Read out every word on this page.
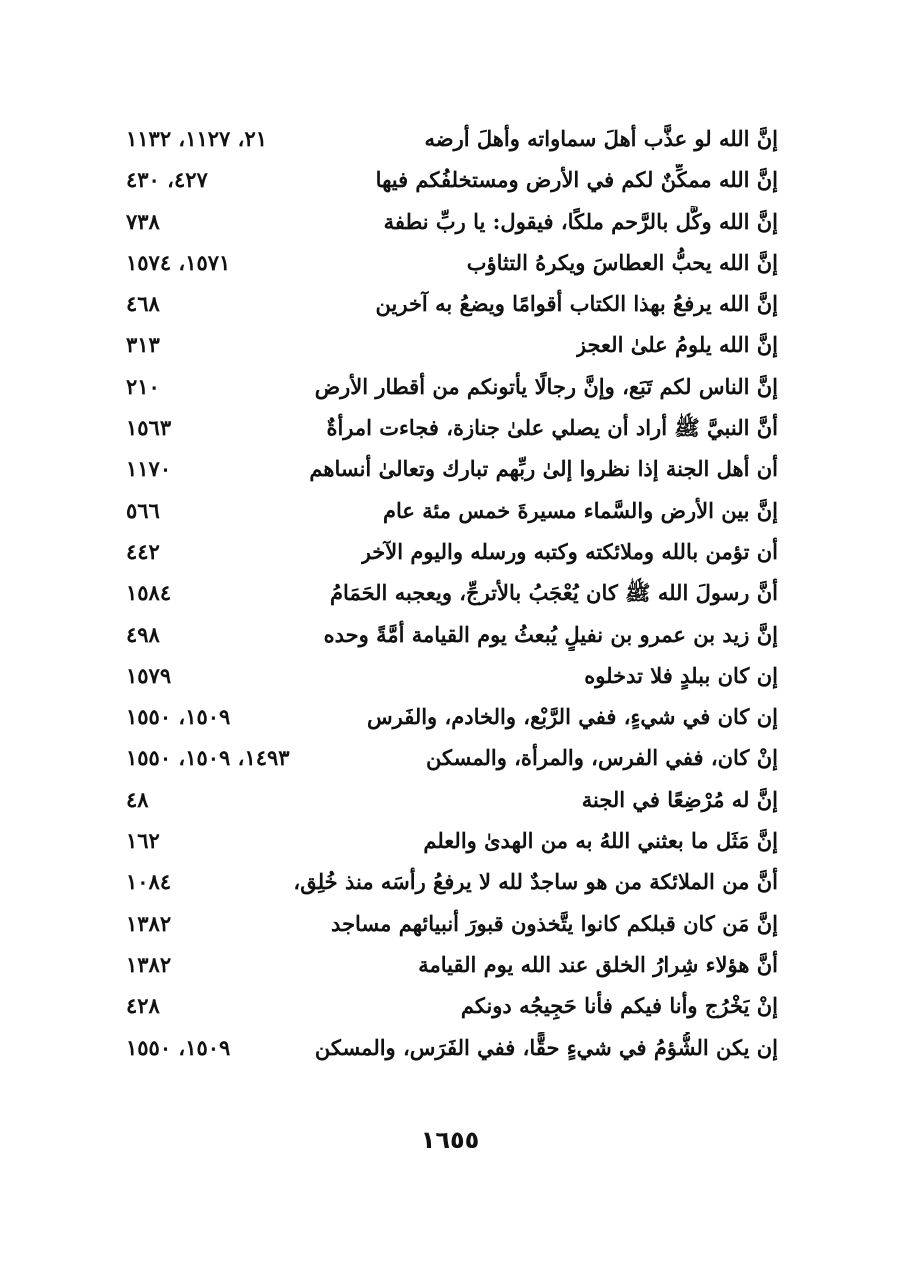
إنَّ الله لو عذَّب أهلَ سماواته وأهلَ أرضه
٢١، ١١٢٧، ١١٣٢
إنَّ الله ممكِّنٌ لكم في الأرض ومستخلفُكم فيها
٤٢٧، ٤٣٠
إنَّ الله وكَّل بالرَّحم ملكًا، فيقول: يا ربِّ نطفة
٧٣٨
إنَّ الله يحبُّ العطاسَ ويكرهُ التثاؤب
١٥٧١، ١٥٧٤
إنَّ الله يرفعُ بهذا الكتاب أقوامًا ويضعُ به آخرين
٤٦٨
إنَّ الله يلومُ علىٰ العجز
٣١٣
إنَّ الناس لكم تَبَع، وإنَّ رجالًا يأتونكم من أقطار الأرض
٢١٠
أنَّ النبيَّ ﷺ أراد أن يصلي علىٰ جنازة، فجاءت امرأةٌ
١٥٦٣
أن أهل الجنة إذا نظروا إلىٰ ربِّهم تبارك وتعالىٰ أنساهم
١١٧٠
إنَّ بين الأرض والسَّماء مسيرةَ خمس مئة عام
٥٦٦
أن تؤمن بالله وملائكته وكتبه ورسله واليوم الآخر
٤٤٢
أنَّ رسولَ الله ﷺ كان يُعْجَبُ بالأترجِّ، ويعجبه الحَمَامُ
١٥٨٤
إنَّ زيد بن عمرو بن نفيلٍ يُبعثُ يوم القيامة أمَّةً وحده
٤٩٨
إن كان ببلدٍ فلا تدخلوه
١٥٧٩
إن كان في شيءٍ، ففي الرَّبْع، والخادم، والفَرس
١٥٠٩، ١٥٥٠
إنْ كان، ففي الفرس، والمرأة، والمسكن
١٤٩٣، ١٥٠٩، ١٥٥٠
إنَّ له مُرْضِعًا في الجنة
٤٨
إنَّ مَثَل ما بعثني اللهُ به من الهدىٰ والعلم
١٦٢
أنَّ من الملائكة من هو ساجدٌ لله لا يرفعُ رأسَه منذ خُلِق،
١٠٨٤
إنَّ مَن كان قبلكم كانوا يتَّخذون قبورَ أنبيائهم مساجد
١٣٨٢
أنَّ هؤلاء شِرارُ الخلق عند الله يوم القيامة
١٣٨٢
إنْ يَخْرُج وأنا فيكم فأنا حَجِيجُه دونكم
٤٢٨
إن يكن الشُّؤمُ في شيءٍ حقًّا، ففي الفَرَس، والمسكن
١٥٠٩، ١٥٥٠
١٦٥٥
